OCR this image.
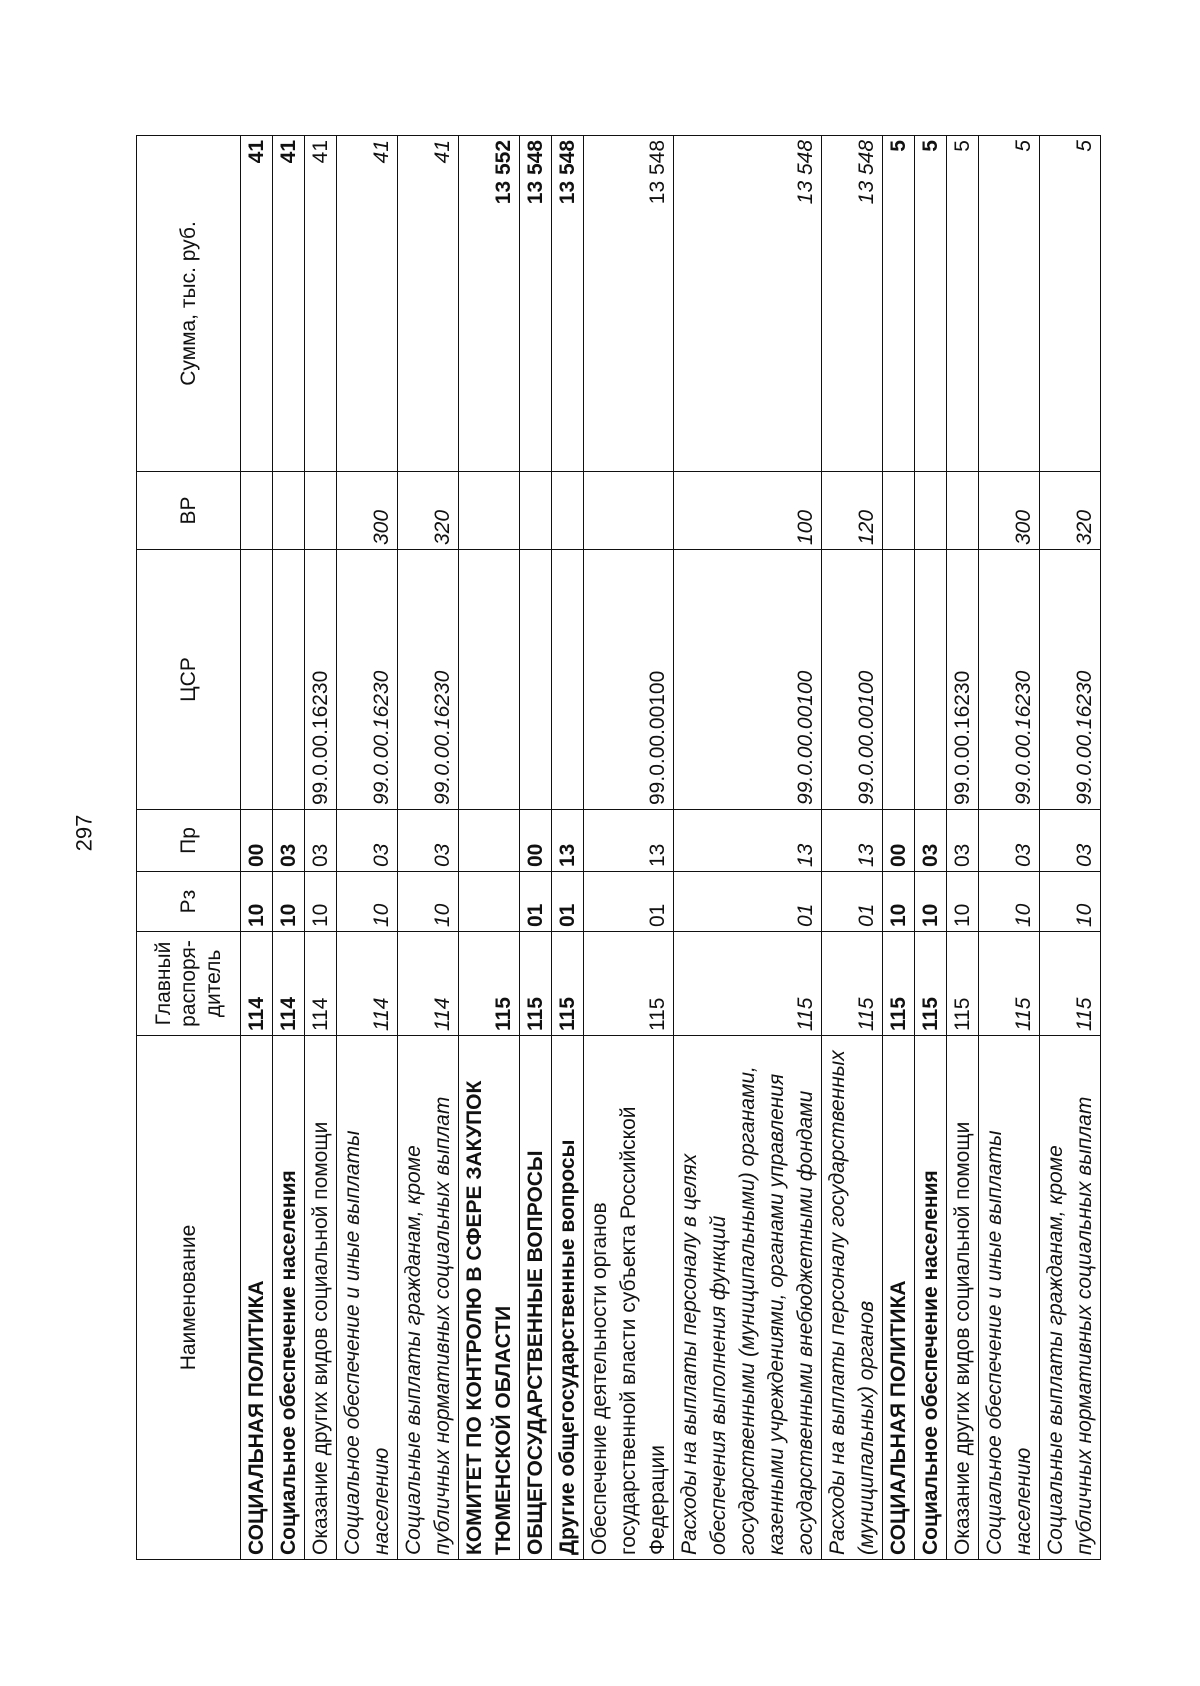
297
Наименование	Главный распоря-дитель	Рз	Пр	ЦСР	ВР	Сумма, тыс. руб.
СОЦИАЛЬНАЯ ПОЛИТИКА	114	10	00			41
Социальное обеспечение населения	114	10	03			41
Оказание других видов социальной помощи	114	10	03	99.0.00.16230		41
Социальное обеспечение и иные выплаты населению	114	10	03	99.0.00.16230	300	41
Социальные выплаты гражданам, кроме публичных нормативных социальных выплат	114	10	03	99.0.00.16230	320	41
КОМИТЕТ ПО КОНТРОЛЮ В СФЕРЕ ЗАКУПОК ТЮМЕНСКОЙ ОБЛАСТИ	115					13 552
ОБЩЕГОСУДАРСТВЕННЫЕ ВОПРОСЫ	115	01	00			13 548
Другие общегосударственные вопросы	115	01	13			13 548
Обеспечение деятельности органов государственной власти субъекта Российской Федерации	115	01	13	99.0.00.00100		13 548
Расходы на выплаты персоналу в целях обеспечения выполнения функций государственными (муниципальными) органами, казенными учреждениями, органами управления государственными внебюджетными фондами	115	01	13	99.0.00.00100	100	13 548
Расходы на выплаты персоналу государственных (муниципальных) органов	115	01	13	99.0.00.00100	120	13 548
СОЦИАЛЬНАЯ ПОЛИТИКА	115	10	00			5
Социальное обеспечение населения	115	10	03			5
Оказание других видов социальной помощи	115	10	03	99.0.00.16230		5
Социальное обеспечение и иные выплаты населению	115	10	03	99.0.00.16230	300	5
Социальные выплаты гражданам, кроме публичных нормативных социальных выплат	115	10	03	99.0.00.16230	320	5
